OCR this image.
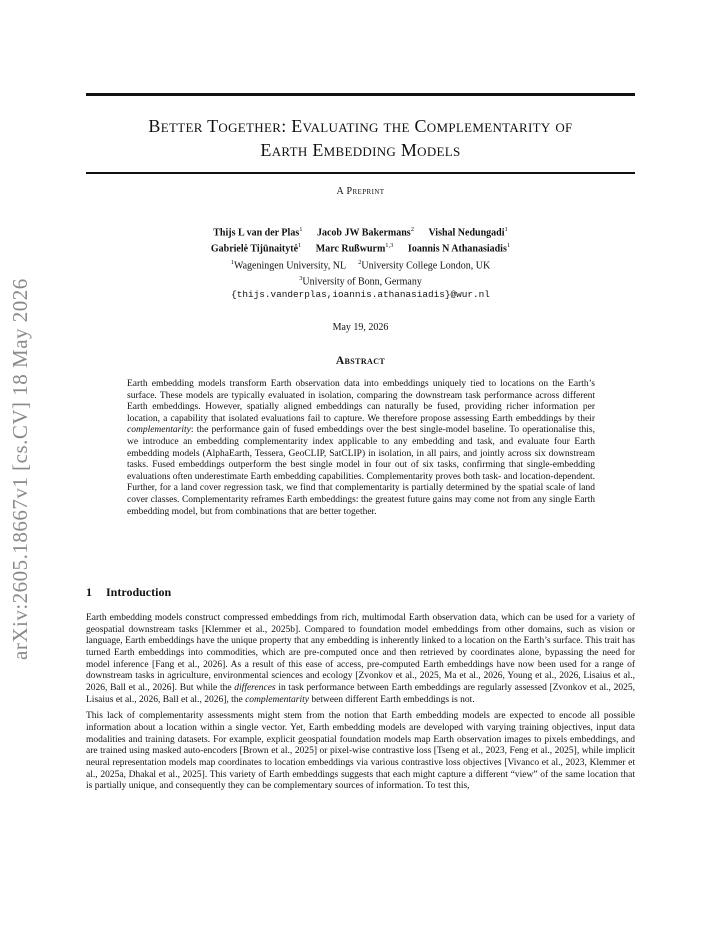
arXiv:2605.18667v1 [cs.CV] 18 May 2026
Better Together: Evaluating the Complementarity of
Earth Embedding Models
A Preprint
Thijs L van der Plas$^1$ Jacob JW Bakermans$^2$ Vishal Nedungadi$^1$
Gabrielė Tijūnaitytė$^1$ Marc Rußwurm$^{1,3}$ Ioannis N Athanasiadis$^1$
$^1$Wageningen University, NL $^2$University College London, UK
$^3$University of Bonn, Germany
{thijs.vanderplas,ioannis.athanasiadis}@wur.nl
May 19, 2026
Abstract
Earth embedding models transform Earth observation data into embeddings uniquely tied to locations on the Earth’s surface. These models are typically evaluated in isolation, comparing the downstream task performance across different Earth embeddings. However, spatially aligned embeddings can naturally be fused, providing richer information per location, a capability that isolated evaluations fail to capture. We therefore propose assessing Earth embeddings by their complementarity: the performance gain of fused embeddings over the best single-model baseline. To operationalise this, we introduce an embedding complementarity index applicable to any embedding and task, and evaluate four Earth embedding models (AlphaEarth, Tessera, GeoCLIP, SatCLIP) in isolation, in all pairs, and jointly across six downstream tasks. Fused embeddings outperform the best single model in four out of six tasks, confirming that single-embedding evaluations often underestimate Earth embedding capabilities. Complementarity proves both task- and location-dependent. Further, for a land cover regression task, we find that complementarity is partially determined by the spatial scale of land cover classes. Complementarity reframes Earth embeddings: the greatest future gains may come not from any single Earth embedding model, but from combinations that are better together.
1 Introduction

Earth embedding models construct compressed embeddings from rich, multimodal Earth observation data, which can be used for a variety of geospatial downstream tasks [Klemmer et al., 2025b]. Compared to foundation model embeddings from other domains, such as vision or language, Earth embeddings have the unique property that any embedding is inherently linked to a location on the Earth’s surface. This trait has turned Earth embeddings into commodities, which are pre-computed once and then retrieved by coordinates alone, bypassing the need for model inference [Fang et al., 2026]. As a result of this ease of access, pre-computed Earth embeddings have now been used for a range of downstream tasks in agriculture, environmental sciences and ecology [Zvonkov et al., 2025, Ma et al., 2026, Young et al., 2026, Lisaius et al., 2026, Ball et al., 2026]. But while the differences in task performance between Earth embeddings are regularly assessed [Zvonkov et al., 2025, Lisaius et al., 2026, Ball et al., 2026], the complementarity between different Earth embeddings is not.

This lack of complementarity assessments might stem from the notion that Earth embedding models are expected to encode all possible information about a location within a single vector. Yet, Earth embedding models are developed with varying training objectives, input data modalities and training datasets. For example, explicit geospatial foundation models map Earth observation images to pixels embeddings, and are trained using masked auto-encoders [Brown et al., 2025] or pixel-wise contrastive loss [Tseng et al., 2023, Feng et al., 2025], while implicit neural representation models map coordinates to location embeddings via various contrastive loss objectives [Vivanco et al., 2023, Klemmer et al., 2025a, Dhakal et al., 2025]. This variety of Earth embeddings suggests that each might capture a different “view” of the same location that is partially unique, and consequently they can be complementary sources of information. To test this,
